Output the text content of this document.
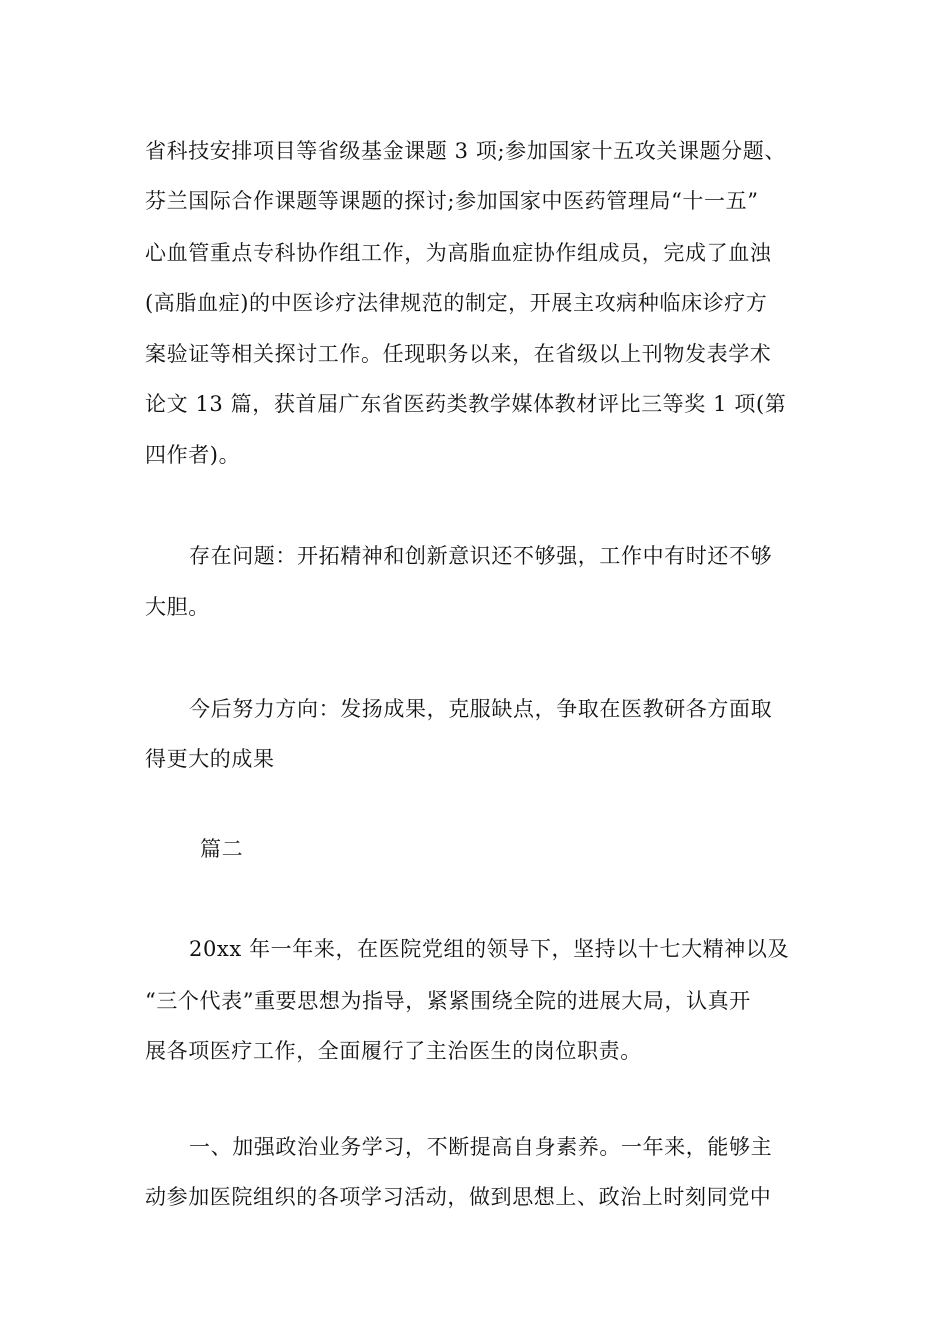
省科技安排项目等省级基金课题 3 项;参加国家十五攻关课题分题、
芬兰国际合作课题等课题的探讨;参加国家中医药管理局“十一五”
心血管重点专科协作组工作，为高脂血症协作组成员，完成了血浊
(高脂血症)的中医诊疗法律规范的制定，开展主攻病种临床诊疗方
案验证等相关探讨工作。任现职务以来，在省级以上刊物发表学术
论文 13 篇，获首届广东省医药类教学媒体教材评比三等奖 1 项(第
四作者)。
存在问题：开拓精神和创新意识还不够强，工作中有时还不够
大胆。
今后努力方向：发扬成果，克服缺点，争取在医教研各方面取
得更大的成果
篇二
20xx 年一年来，在医院党组的领导下，坚持以十七大精神以及
“三个代表”重要思想为指导，紧紧围绕全院的进展大局，认真开
展各项医疗工作，全面履行了主治医生的岗位职责。
一、加强政治业务学习，不断提高自身素养。一年来，能够主
动参加医院组织的各项学习活动，做到思想上、政治上时刻同党中
